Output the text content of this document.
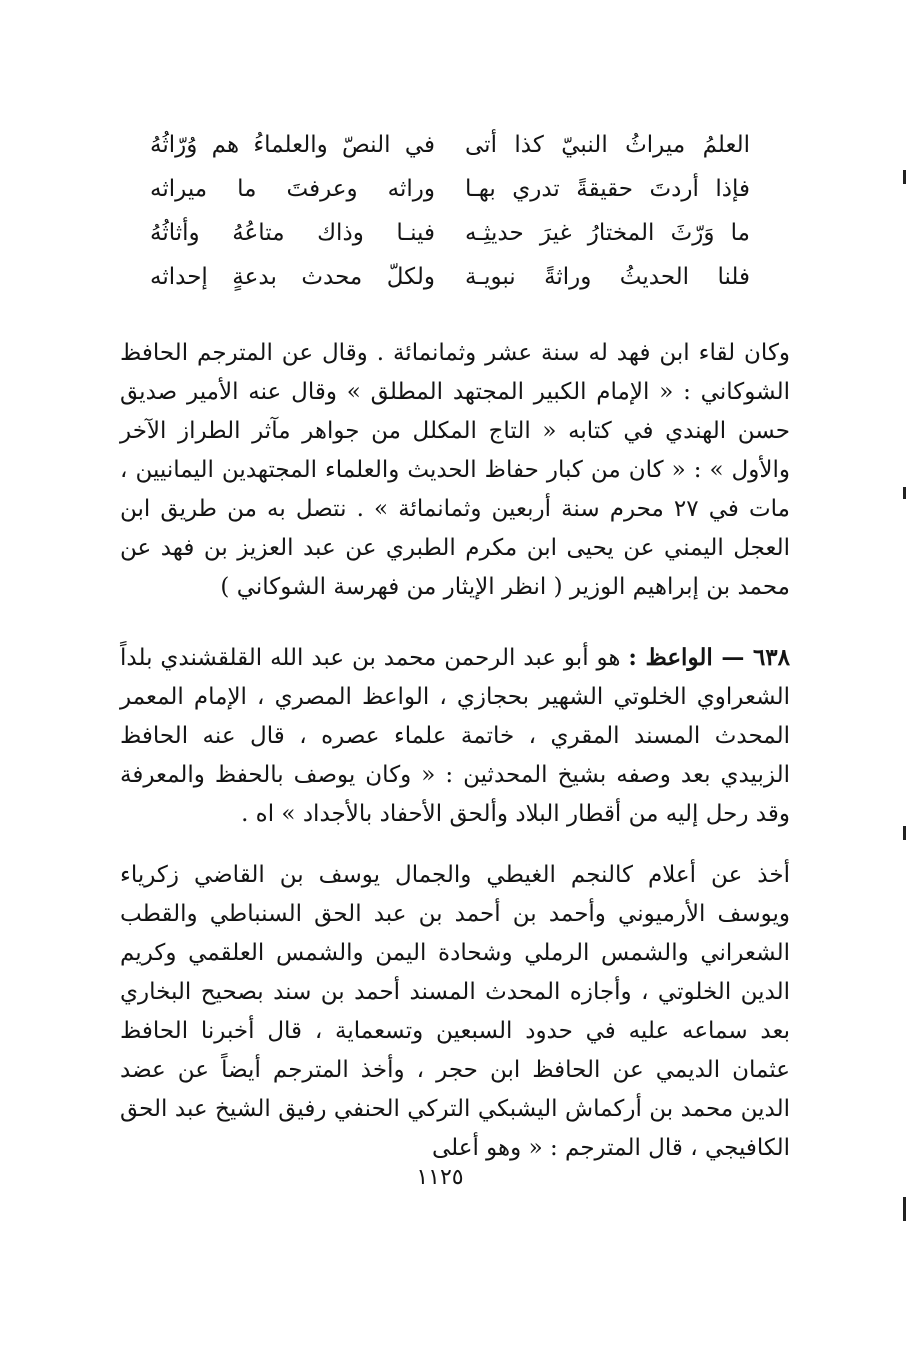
العلمُ ميراثُ النبيّ كذا أتى
في النصّ والعلماءُ هم وُرّاثُهُ
فإذا أردتَ حقيقةً تدري بهـا
وراثه وعرفتَ ما ميراثه
ما وَرّثَ المختارُ غيرَ حديثِـه
فينـا وذاك متاعُهُ وأثاثُهُ
فلنا الحديثُ وراثةً نبويـة
ولكلّ محدث بدعةٍ إحداثه

وكان لقاء ابن فهد له سنة عشر وثمانمائة . وقال عن المترجم الحافظ الشوكاني : « الإمام الكبير المجتهد المطلق » وقال عنه الأمير صديق حسن الهندي في كتابه « التاج المكلل من جواهر مآثر الطراز الآخر والأول » : « كان من كبار حفاظ الحديث والعلماء المجتهدين اليمانيين ، مات في ٢٧ محرم سنة أربعين وثمانمائة » . نتصل به من طريق ابن العجل اليمني عن يحيى ابن مكرم الطبري عن عبد العزيز بن فهد عن محمد بن إبراهيم الوزير ( انظر الإيثار من فهرسة الشوكاني )

٦٣٨ — الواعظ : هو أبو عبد الرحمن محمد بن عبد الله القلقشندي بلداً الشعراوي الخلوتي الشهير بحجازي ، الواعظ المصري ، الإمام المعمر المحدث المسند المقري ، خاتمة علماء عصره ، قال عنه الحافظ الزبيدي بعد وصفه بشيخ المحدثين : « وكان يوصف بالحفظ والمعرفة وقد رحل إليه من أقطار البلاد وألحق الأحفاد بالأجداد » اه .

أخذ عن أعلام كالنجم الغيطي والجمال يوسف بن القاضي زكرياء ويوسف الأرميوني وأحمد بن أحمد بن عبد الحق السنباطي والقطب الشعراني والشمس الرملي وشحادة اليمن والشمس العلقمي وكريم الدين الخلوتي ، وأجازه المحدث المسند أحمد بن سند بصحيح البخاري بعد سماعه عليه في حدود السبعين وتسعماية ، قال أخبرنا الحافظ عثمان الديمي عن الحافظ ابن حجر ، وأخذ المترجم أيضاً عن عضد الدين محمد بن أركماش اليشبكي التركي الحنفي رفيق الشيخ عبد الحق الكافيجي ، قال المترجم : « وهو أعلى

١١٢٥
